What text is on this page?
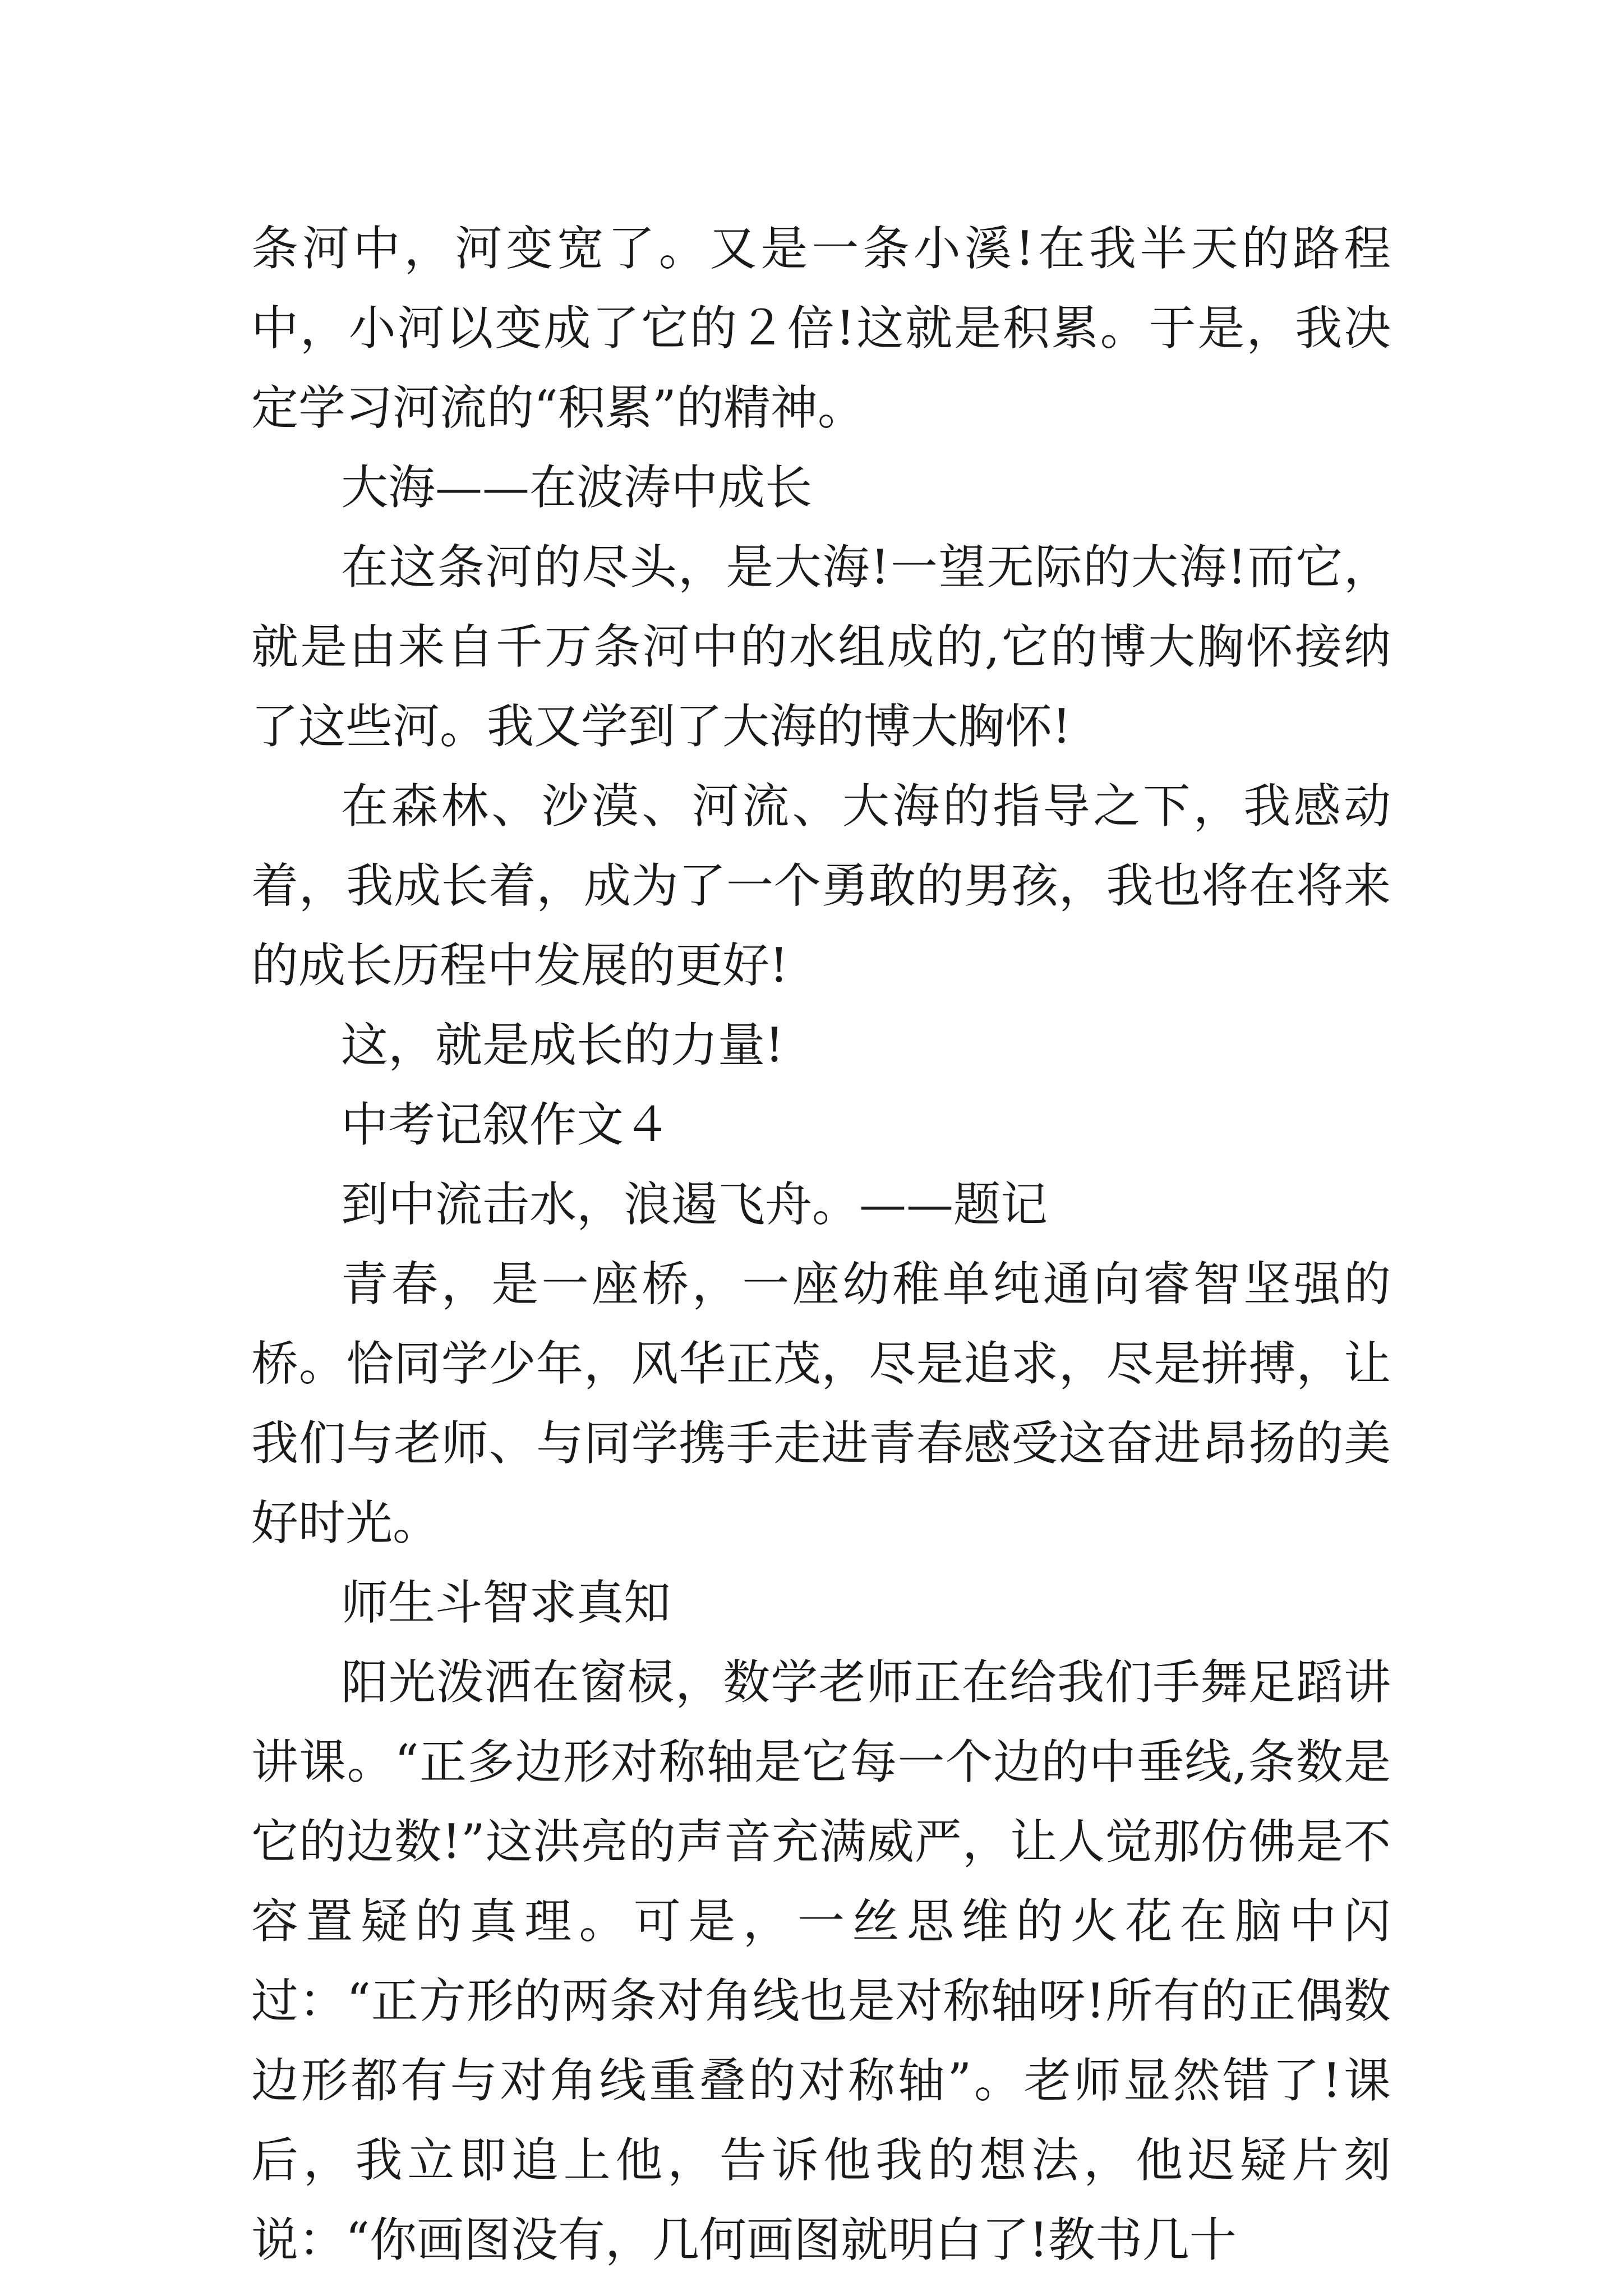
条河中，河变宽了。又是一条小溪!在我半天的路程中，小河以变成了它的２倍!这就是积累。于是，我决定学习河流的“积累”的精神。

大海——在波涛中成长

在这条河的尽头，是大海!一望无际的大海!而它，就是由来自千万条河中的水组成的,它的博大胸怀接纳了这些河。我又学到了大海的博大胸怀!

在森林、沙漠、河流、大海的指导之下，我感动着，我成长着，成为了一个勇敢的男孩，我也将在将来的成长历程中发展的更好!

这，就是成长的力量!

中考记叙作文４

到中流击水，浪遏飞舟。——题记

青春，是一座桥，一座幼稚单纯通向睿智坚强的桥。恰同学少年，风华正茂，尽是追求，尽是拼搏，让我们与老师、与同学携手走进青春感受这奋进昂扬的美好时光。

师生斗智求真知

阳光泼洒在窗棂，数学老师正在给我们手舞足蹈讲讲课。“正多边形对称轴是它每一个边的中垂线,条数是它的边数!”这洪亮的声音充满威严，让人觉那仿佛是不容置疑的真理。可是，一丝思维的火花在脑中闪过：“正方形的两条对角线也是对称轴呀!所有的正偶数边形都有与对角线重叠的对称轴”。老师显然错了!课后，我立即追上他，告诉他我的想法，他迟疑片刻说：“你画图没有，几何画图就明白了!教书几十
